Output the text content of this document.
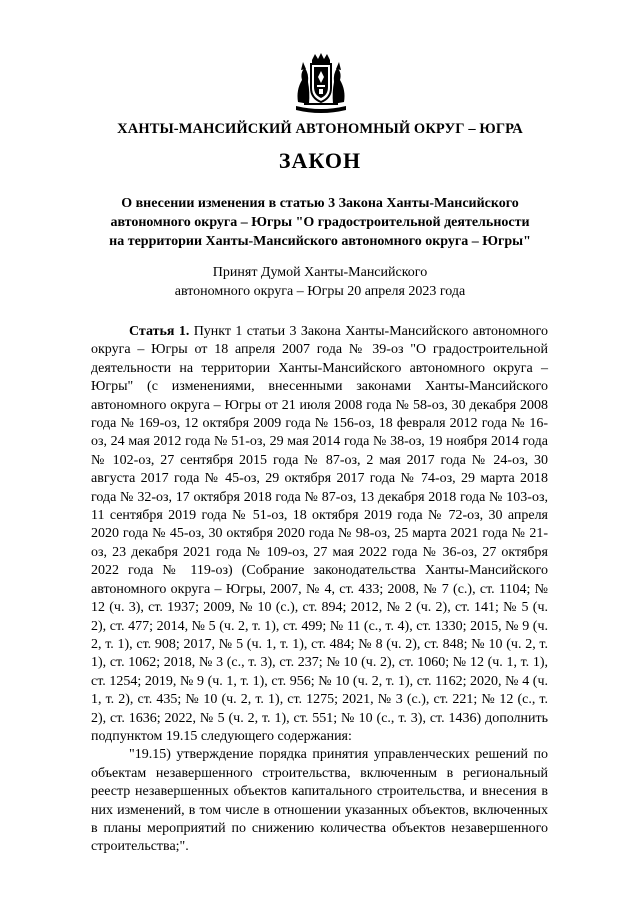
ХАНТЫ-МАНСИЙСКИЙ АВТОНОМНЫЙ ОКРУГ – ЮГРА
ЗАКОН
О внесении изменения в статью 3 Закона Ханты-Мансийского
автономного округа – Югры "О градостроительной деятельности
на территории Ханты-Мансийского автономного округа – Югры"
Принят Думой Ханты-Мансийского
автономного округа – Югры 20 апреля 2023 года

Статья 1. Пункт 1 статьи 3 Закона Ханты-Мансийского автономного округа – Югры от 18 апреля 2007 года № 39-оз "О градостроительной деятельности на территории Ханты-Мансийского автономного округа – Югры" (с изменениями, внесенными законами Ханты-Мансийского автономного округа – Югры от 21 июля 2008 года № 58-оз, 30 декабря 2008 года № 169-оз, 12 октября 2009 года № 156-оз, 18 февраля 2012 года № 16-оз, 24 мая 2012 года № 51-оз, 29 мая 2014 года № 38-оз, 19 ноября 2014 года № 102-оз, 27 сентября 2015 года № 87-оз, 2 мая 2017 года № 24-оз, 30 августа 2017 года № 45-оз, 29 октября 2017 года № 74-оз, 29 марта 2018 года № 32-оз, 17 октября 2018 года № 87-оз, 13 декабря 2018 года № 103-оз, 11 сентября 2019 года № 51-оз, 18 октября 2019 года № 72-оз, 30 апреля 2020 года № 45-оз, 30 октября 2020 года № 98-оз, 25 марта 2021 года № 21-оз, 23 декабря 2021 года № 109-оз, 27 мая 2022 года № 36-оз, 27 октября 2022 года № 119-оз) (Собрание законодательства Ханты-Мансийского автономного округа – Югры, 2007, № 4, ст. 433; 2008, № 7 (с.), ст. 1104; № 12 (ч. 3), ст. 1937; 2009, № 10 (с.), ст. 894; 2012, № 2 (ч. 2), ст. 141; № 5 (ч. 2), ст. 477; 2014, № 5 (ч. 2, т. 1), ст. 499; № 11 (с., т. 4), ст. 1330; 2015, № 9 (ч. 2, т. 1), ст. 908; 2017, № 5 (ч. 1, т. 1), ст. 484; № 8 (ч. 2), ст. 848; № 10 (ч. 2, т. 1), ст. 1062; 2018, № 3 (с., т. 3), ст. 237; № 10 (ч. 2), ст. 1060; № 12 (ч. 1, т. 1), ст. 1254; 2019, № 9 (ч. 1, т. 1), ст. 956; № 10 (ч. 2, т. 1), ст. 1162; 2020, № 4 (ч. 1, т. 2), ст. 435; № 10 (ч. 2, т. 1), ст. 1275; 2021, № 3 (с.), ст. 221; № 12 (с., т. 2), ст. 1636; 2022, № 5 (ч. 2, т. 1), ст. 551; № 10 (с., т. 3), ст. 1436) дополнить подпунктом 19.15 следующего содержания:

"19.15) утверждение порядка принятия управленческих решений по объектам незавершенного строительства, включенным в региональный реестр незавершенных объектов капитального строительства, и внесения в них изменений, в том числе в отношении указанных объектов, включенных в планы мероприятий по снижению количества объектов незавершенного строительства;".
